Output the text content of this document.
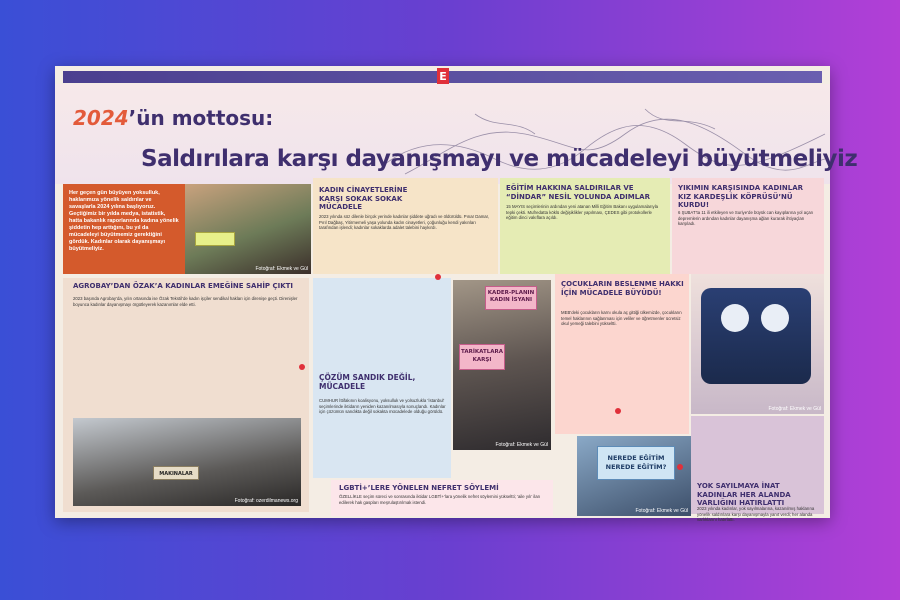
E
2024’ün mottosu:
Saldırılara karşı dayanışmayı ve mücadeleyi büyütmeliyiz
Her geçen gün büyüyen yoksulluk, haklarımıza yönelik saldırılar ve savaşlarla 2024 yılına başlıyoruz. Geçtiğimiz bir yılda medya, istatistik, hatta bakanlık raporlarında kadına yönelik şiddetin hep arttığını, bu yıl da mücadeleyi büyütmemiz gerektiğini gördük. Kadınlar olarak dayanışmayı büyütmeliyiz.
Fotoğraf: Ekmek ve Gül
KADIN CİNAYETLERİNE KARŞI SOKAK SOKAK MÜCADELE
2023 yılında söz dilenle birçok yerinde kadınlar şiddete uğradı ve öldürüldü. Pınar Damar, Pırıl Dağbaş, Yitirmemeli yaşa yolunda kadın cinayetleri, çoğunluğu kendi yakınları tarafından işlendi; kadınlar sokaklarda adalet talebini haykırdı.
EĞİTİM HAKKINA SALDIRILAR VE “DİNDAR” NESİL YOLUNDA ADIMLAR
15 MAYIS seçimlerinin ardından yeni atanan Milli Eğitim Bakanı uygulamalarıyla tepki çekti. Mufredatta köklü değişiklikler yapılması, ÇEDES gibi protokollerle eğitim dinci vakıflara açıldı.
YIKIMIN KARŞISINDA KADINLAR KIZ KARDEŞLİK KÖPRÜSÜ’NÜ KURDU!
6 ŞUBAT’ta 11 ili etkileyen ve Suriye’de büyük can kayıplarına yol açan depremlerin ardından kadınlar dayanışma ağları kurarak ihtiyaçları karşıladı.
AGROBAY’DAN ÖZAK’A KADINLAR EMEĞİNE SAHİP ÇIKTI
2023 başında Agrobay’da, yılın ortasında ise Özak Tekstil’de kadın işçiler sendikal hakları için direnişe geçti. Direnişler boyunca kadınlar dayanışmayı örgütleyerek kazanımlar elde etti.
MAKINALAR
Fotoğraf: ozerdilmanews.org
ÇÖZÜM SANDIK DEĞİL, MÜCADELE
CUMHUR İttifakının koalisyonu, yoksulluk ve yolsuzlukla ‘İstanbul’ seçimlerinde iktidarın yeniden kazanılmasıyla sonuçlandı. Kadınlar için çözümün sandıkta değil sokakta mücadelede olduğu görüldü.
KADER-PLANIN
KADIN İSYANI
TARİKATLARA KARŞI
Fotoğraf: Ekmek ve Gül
ÇOCUKLARIN BESLENME HAKKI İÇİN MÜCADELE BÜYÜDÜ!
MEB’deki çocukların karnı okula aç gittiği ülkemizde, çocukların temel haklarının sağlanması için veliler ve öğretmenler ücretsiz okul yemeği talebini yükseltti.
Fotoğraf: Ekmek ve Gül
YOK SAYILMAYA İNAT KADINLAR HER ALANDA VARLIĞINI HATIRLATTI
2023 yılında kadınlar, yok sayılmalarına, kazanılmış haklarına yönelik saldırılara karşı dayanışmayla yanıt verdi; her alanda varlıklarını hatırlattı.
LGBTİ+’LERE YÖNELEN NEFRET SÖYLEMİ
ÖZELLİKLE seçim süreci ve sonrasında iktidar LGBTİ+’lara yönelik nefret söylemini yükseltti; ‘aile yılı’ ilan edilerek hak gaspları meşrulaştırılmak istendi.
NEREDE EĞİTİM NEREDE EĞİTİM?
Fotoğraf: Ekmek ve Gül
